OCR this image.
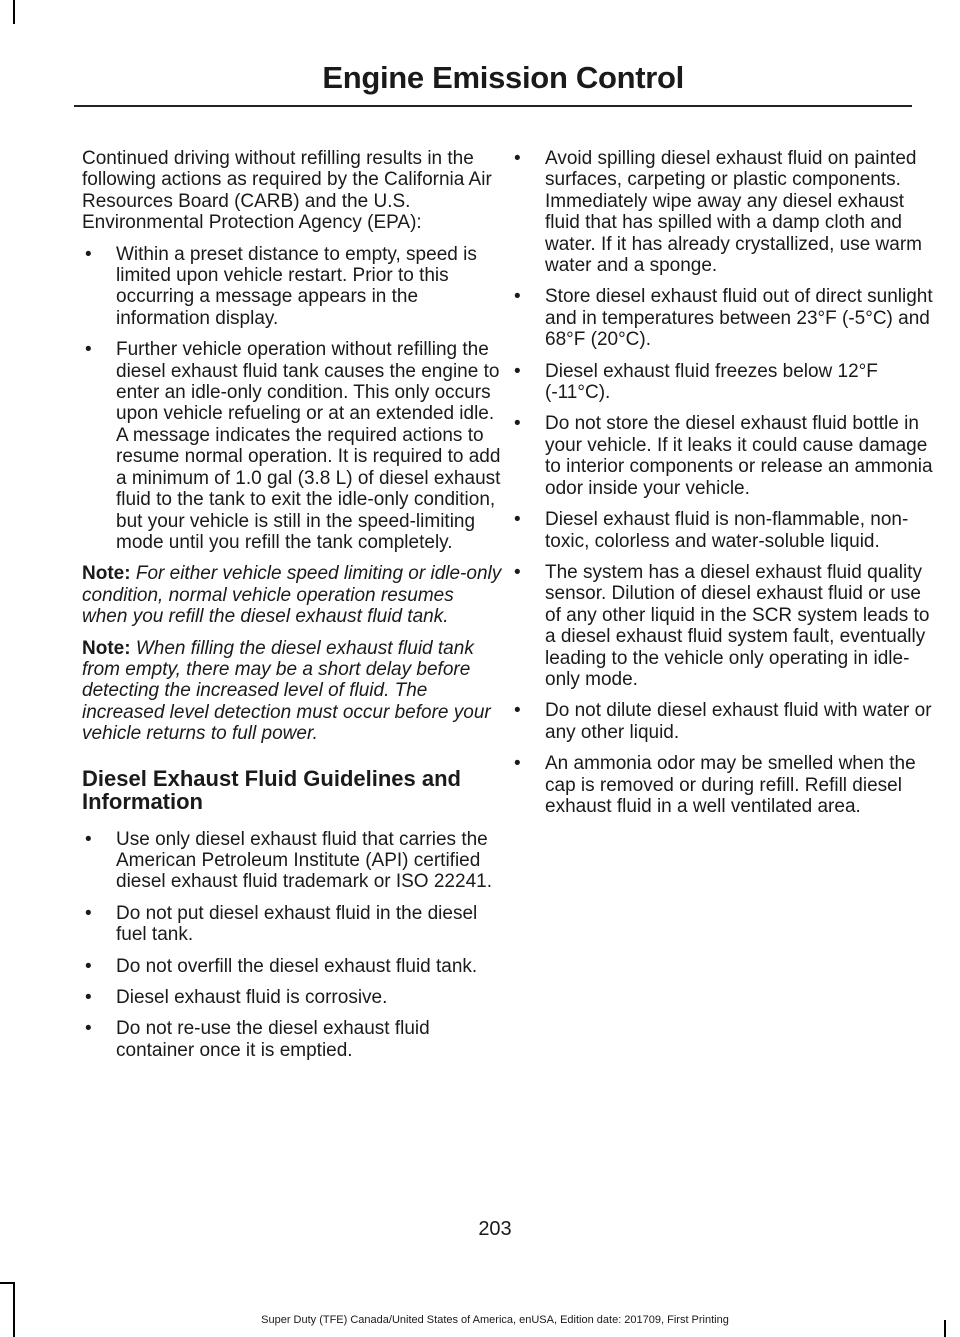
Engine Emission Control

Continued driving without refilling results in the following actions as required by the California Air Resources Board (CARB) and the U.S. Environmental Protection Agency (EPA):

• Within a preset distance to empty, speed is limited upon vehicle restart. Prior to this occurring a message appears in the information display.
• Further vehicle operation without refilling the diesel exhaust fluid tank causes the engine to enter an idle-only condition. This only occurs upon vehicle refueling or at an extended idle. A message indicates the required actions to resume normal operation. It is required to add a minimum of 1.0 gal (3.8 L) of diesel exhaust fluid to the tank to exit the idle-only condition, but your vehicle is still in the speed-limiting mode until you refill the tank completely.

Note: For either vehicle speed limiting or idle-only condition, normal vehicle operation resumes when you refill the diesel exhaust fluid tank.

Note: When filling the diesel exhaust fluid tank from empty, there may be a short delay before detecting the increased level of fluid. The increased level detection must occur before your vehicle returns to full power.

Diesel Exhaust Fluid Guidelines and Information
• Use only diesel exhaust fluid that carries the American Petroleum Institute (API) certified diesel exhaust fluid trademark or ISO 22241.
• Do not put diesel exhaust fluid in the diesel fuel tank.
• Do not overfill the diesel exhaust fluid tank.
• Diesel exhaust fluid is corrosive.
• Do not re-use the diesel exhaust fluid container once it is emptied.
• Avoid spilling diesel exhaust fluid on painted surfaces, carpeting or plastic components. Immediately wipe away any diesel exhaust fluid that has spilled with a damp cloth and water. If it has already crystallized, use warm water and a sponge.
• Store diesel exhaust fluid out of direct sunlight and in temperatures between 23°F (-5°C) and 68°F (20°C).
• Diesel exhaust fluid freezes below 12°F (-11°C).
• Do not store the diesel exhaust fluid bottle in your vehicle. If it leaks it could cause damage to interior components or release an ammonia odor inside your vehicle.
• Diesel exhaust fluid is non-flammable, non-toxic, colorless and water-soluble liquid.
• The system has a diesel exhaust fluid quality sensor. Dilution of diesel exhaust fluid or use of any other liquid in the SCR system leads to a diesel exhaust fluid system fault, eventually leading to the vehicle only operating in idle-only mode.
• Do not dilute diesel exhaust fluid with water or any other liquid.
• An ammonia odor may be smelled when the cap is removed or during refill. Refill diesel exhaust fluid in a well ventilated area.
203
Super Duty (TFE) Canada/United States of America, enUSA, Edition date: 201709, First Printing
